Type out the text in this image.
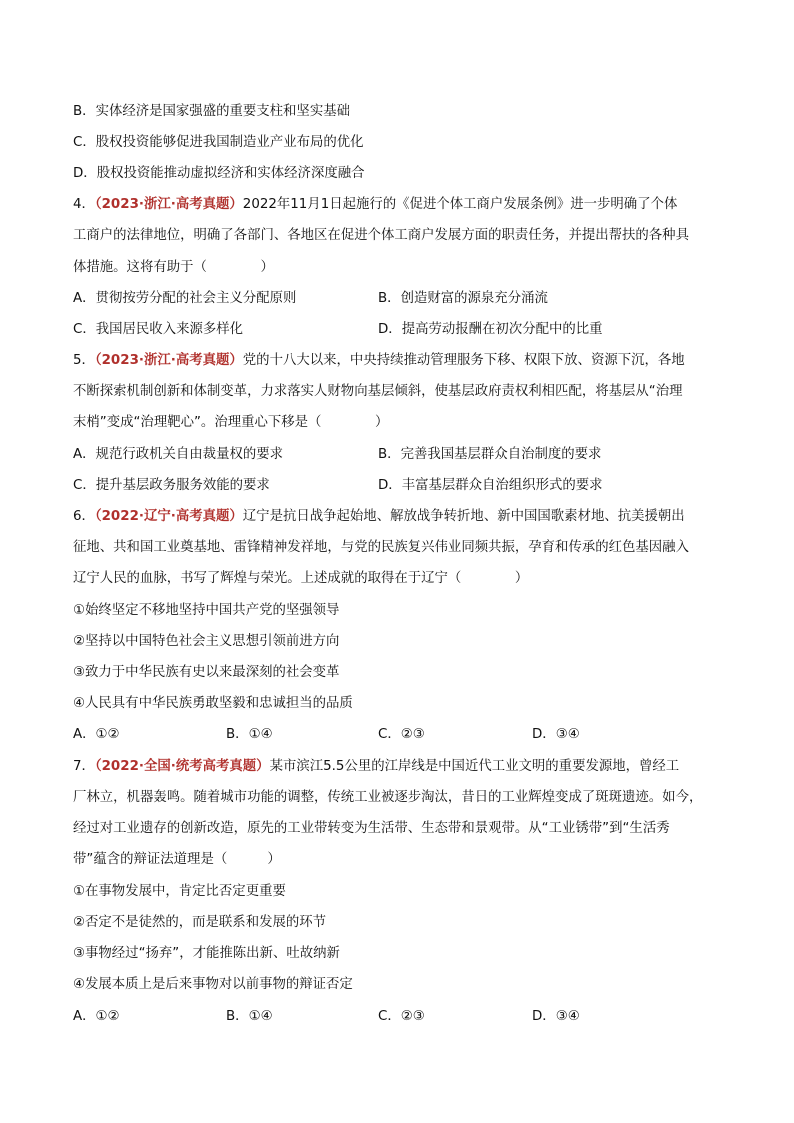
B．实体经济是国家强盛的重要支柱和坚实基础
C．股权投资能够促进我国制造业产业布局的优化
D．股权投资能推动虚拟经济和实体经济深度融合
4．（2023·浙江·高考真题）2022年11月1日起施行的《促进个体工商户发展条例》进一步明确了个体
工商户的法律地位，明确了各部门、各地区在促进个体工商户发展方面的职责任务，并提出帮扶的各种具
体措施。这将有助于（　　　　）
A．贯彻按劳分配的社会主义分配原则	B．创造财富的源泉充分涌流
C．我国居民收入来源多样化	D．提高劳动报酬在初次分配中的比重
5．（2023·浙江·高考真题）党的十八大以来，中央持续推动管理服务下移、权限下放、资源下沉，各地
不断探索机制创新和体制变革，力求落实人财物向基层倾斜，使基层政府责权利相匹配，将基层从“治理
末梢”变成“治理靶心”。治理重心下移是（　　　　）
A．规范行政机关自由裁量权的要求	B．完善我国基层群众自治制度的要求
C．提升基层政务服务效能的要求	D．丰富基层群众自治组织形式的要求
6．（2022·辽宁·高考真题）辽宁是抗日战争起始地、解放战争转折地、新中国国歌素材地、抗美援朝出
征地、共和国工业奠基地、雷锋精神发祥地，与党的民族复兴伟业同频共振，孕育和传承的红色基因融入
辽宁人民的血脉，书写了辉煌与荣光。上述成就的取得在于辽宁（　　　　）
①始终坚定不移地坚持中国共产党的坚强领导
②坚持以中国特色社会主义思想引领前进方向
③致力于中华民族有史以来最深刻的社会变革
④人民具有中华民族勇敢坚毅和忠诚担当的品质
A．①②	B．①④	C．②③	D．③④
7．（2022·全国·统考高考真题）某市滨江5.5公里的江岸线是中国近代工业文明的重要发源地，曾经工
厂林立，机器轰鸣。随着城市功能的调整，传统工业被逐步淘汰，昔日的工业辉煌变成了斑斑遗迹。如今，
经过对工业遗存的创新改造，原先的工业带转变为生活带、生态带和景观带。从“工业锈带”到“生活秀
带”蕴含的辩证法道理是（　　　）
①在事物发展中，肯定比否定更重要
②否定不是徒然的，而是联系和发展的环节
③事物经过“扬弃”，才能推陈出新、吐故纳新
④发展本质上是后来事物对以前事物的辩证否定
A．①②	B．①④	C．②③	D．③④
